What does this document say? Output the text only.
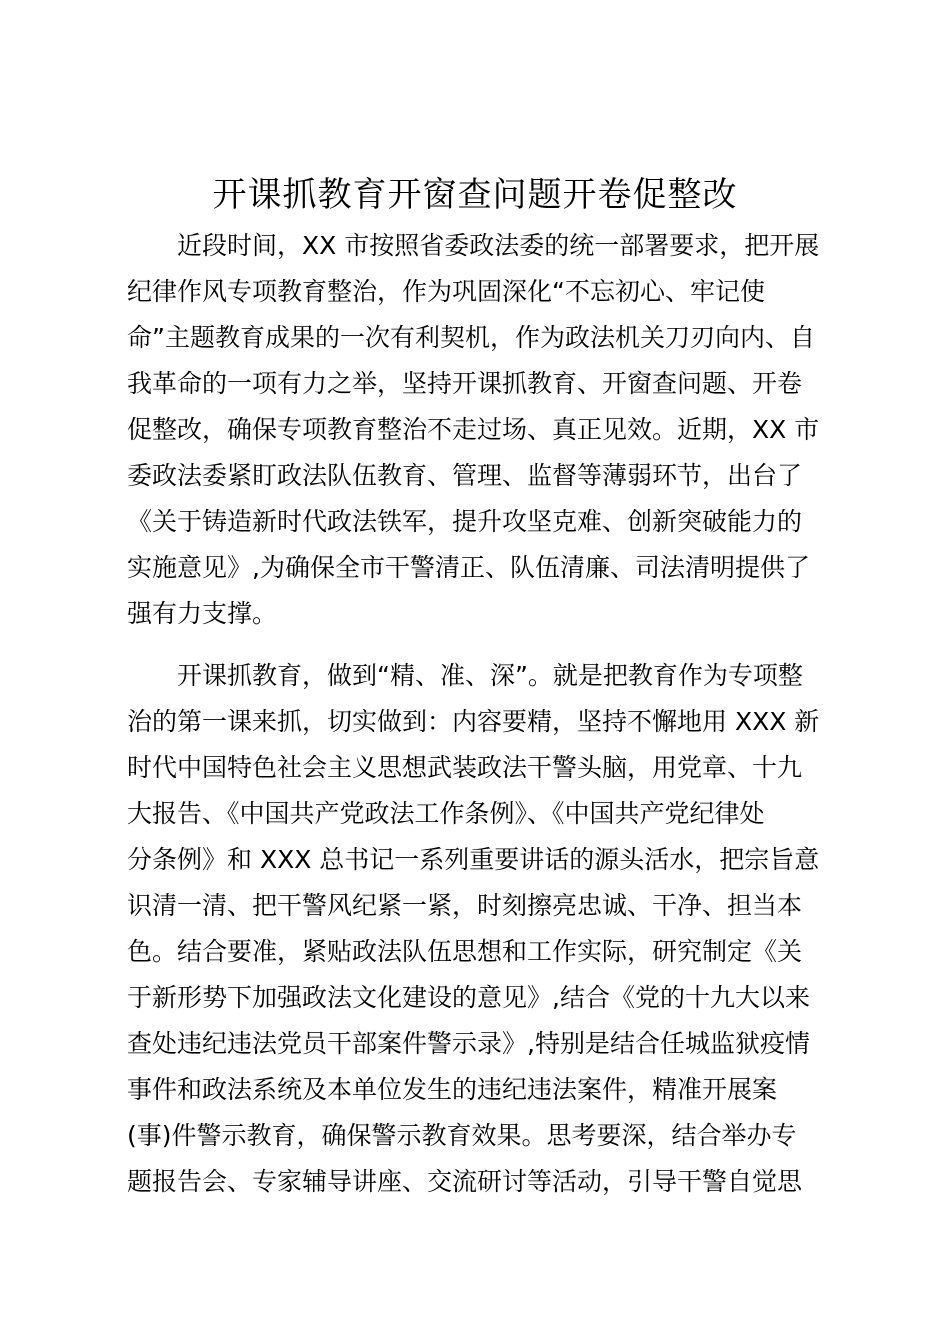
开课抓教育开窗查问题开卷促整改
　　近段时间，XX 市按照省委政法委的统一部署要求，把开展
纪律作风专项教育整治，作为巩固深化“不忘初心、牢记使
命”主题教育成果的一次有利契机，作为政法机关刀刃向内、自
我革命的一项有力之举，坚持开课抓教育、开窗查问题、开卷
促整改，确保专项教育整治不走过场、真正见效。近期，XX 市
委政法委紧盯政法队伍教育、管理、监督等薄弱环节，出台了
《关于铸造新时代政法铁军，提升攻坚克难、创新突破能力的
实施意见》,为确保全市干警清正、队伍清廉、司法清明提供了
强有力支撑。
　　开课抓教育，做到“精、准、深”。就是把教育作为专项整
治的第一课来抓，切实做到：内容要精，坚持不懈地用 XXX 新
时代中国特色社会主义思想武装政法干警头脑，用党章、十九
大报告、《中国共产党政法工作条例》、《中国共产党纪律处
分条例》和 XXX 总书记一系列重要讲话的源头活水，把宗旨意
识清一清、把干警风纪紧一紧，时刻擦亮忠诚、干净、担当本
色。结合要准，紧贴政法队伍思想和工作实际，研究制定《关
于新形势下加强政法文化建设的意见》,结合《党的十九大以来
查处违纪违法党员干部案件警示录》,特别是结合任城监狱疫情
事件和政法系统及本单位发生的违纪违法案件，精准开展案
(事)件警示教育，确保警示教育效果。思考要深，结合举办专
题报告会、专家辅导讲座、交流研讨等活动，引导干警自觉思
